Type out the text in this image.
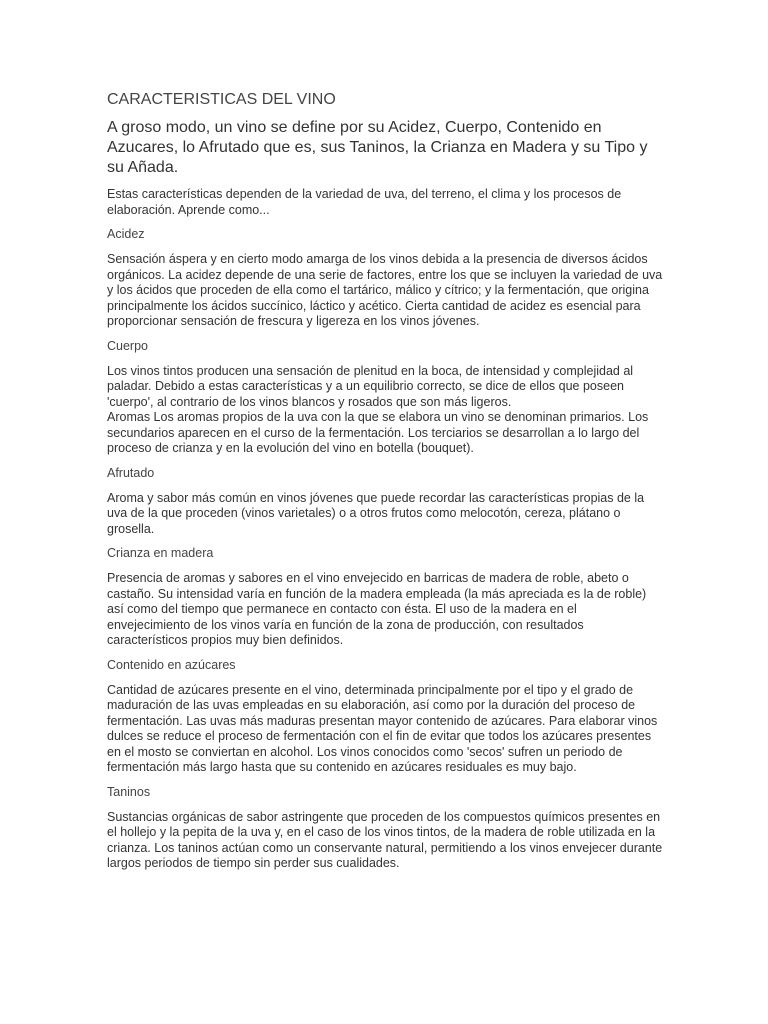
CARACTERISTICAS DEL VINO

A groso modo, un vino se define por su Acidez, Cuerpo, Contenido en Azucares, lo Afrutado que es, sus Taninos, la Crianza en Madera y su Tipo y su Añada.

Estas características dependen de la variedad de uva, del terreno, el clima y los procesos de elaboración. Aprende como...

Acidez

Sensación áspera y en cierto modo amarga de los vinos debida a la presencia de diversos ácidos orgánicos. La acidez depende de una serie de factores, entre los que se incluyen la variedad de uva y los ácidos que proceden de ella como el tartárico, málico y cítrico; y la fermentación, que origina principalmente los ácidos succínico, láctico y acético. Cierta cantidad de acidez es esencial para proporcionar sensación de frescura y ligereza en los vinos jóvenes.

Cuerpo

Los vinos tintos producen una sensación de plenitud en la boca, de intensidad y complejidad al paladar. Debido a estas características y a un equilibrio correcto, se dice de ellos que poseen 'cuerpo', al contrario de los vinos blancos y rosados que son más ligeros.

Aromas Los aromas propios de la uva con la que se elabora un vino se denominan primarios. Los secundarios aparecen en el curso de la fermentación. Los terciarios se desarrollan a lo largo del proceso de crianza y en la evolución del vino en botella (bouquet).

Afrutado

Aroma y sabor más común en vinos jóvenes que puede recordar las características propias de la uva de la que proceden (vinos varietales) o a otros frutos como melocotón, cereza, plátano o grosella.

Crianza en madera

Presencia de aromas y sabores en el vino envejecido en barricas de madera de roble, abeto o castaño. Su intensidad varía en función de la madera empleada (la más apreciada es la de roble) así como del tiempo que permanece en contacto con ésta. El uso de la madera en el envejecimiento de los vinos varía en función de la zona de producción, con resultados característicos propios muy bien definidos.

Contenido en azúcares

Cantidad de azúcares presente en el vino, determinada principalmente por el tipo y el grado de maduración de las uvas empleadas en su elaboración, así como por la duración del proceso de fermentación. Las uvas más maduras presentan mayor contenido de azúcares. Para elaborar vinos dulces se reduce el proceso de fermentación con el fin de evitar que todos los azúcares presentes en el mosto se conviertan en alcohol. Los vinos conocidos como 'secos' sufren un periodo de fermentación más largo hasta que su contenido en azúcares residuales es muy bajo.

Taninos

Sustancias orgánicas de sabor astringente que proceden de los compuestos químicos presentes en el hollejo y la pepita de la uva y, en el caso de los vinos tintos, de la madera de roble utilizada en la crianza. Los taninos actúan como un conservante natural, permitiendo a los vinos envejecer durante largos periodos de tiempo sin perder sus cualidades.
